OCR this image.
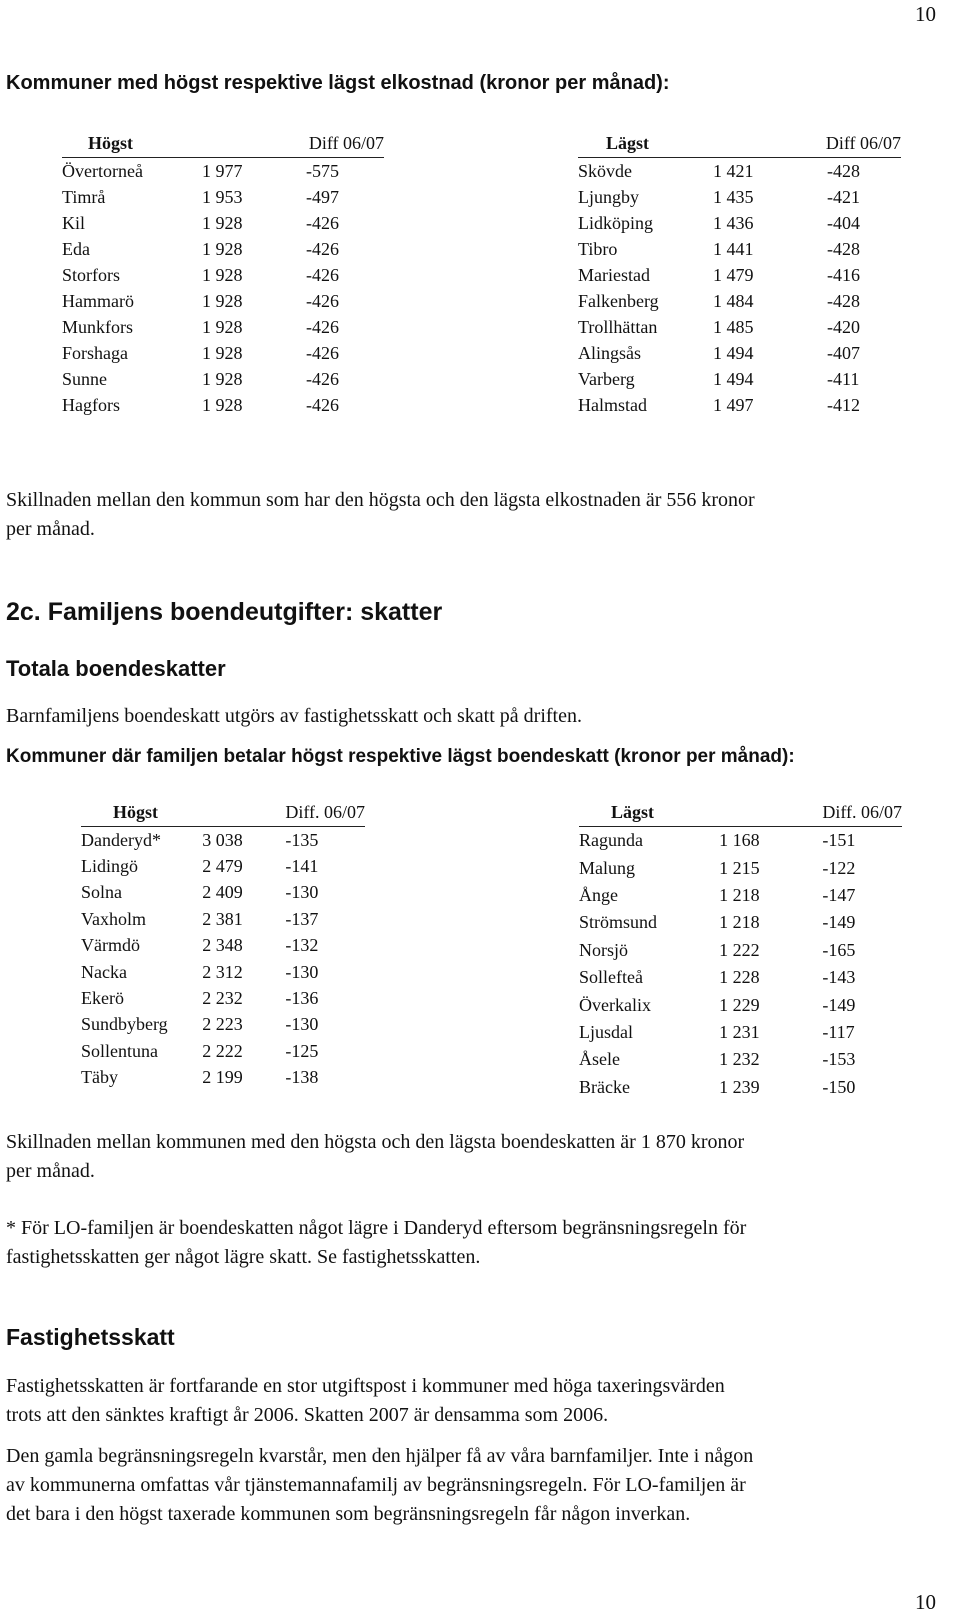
10
Kommuner med högst respektive lägst elkostnad (kronor per månad):
Högst		Diff 06/07
Övertorneå	1 977	-575
Timrå	1 953	-497
Kil	1 928	-426
Eda	1 928	-426
Storfors	1 928	-426
Hammarö	1 928	-426
Munkfors	1 928	-426
Forshaga	1 928	-426
Sunne	1 928	-426
Hagfors	1 928	-426
Lägst		Diff 06/07
Skövde	1 421	-428
Ljungby	1 435	-421
Lidköping	1 436	-404
Tibro	1 441	-428
Mariestad	1 479	-416
Falkenberg	1 484	-428
Trollhättan	1 485	-420
Alingsås	1 494	-407
Varberg	1 494	-411
Halmstad	1 497	-412
Skillnaden mellan den kommun som har den högsta och den lägsta elkostnaden är 556 kronor
per månad.
2c. Familjens boendeutgifter: skatter
Totala boendeskatter
Barnfamiljens boendeskatt utgörs av fastighetsskatt och skatt på driften.
Kommuner där familjen betalar högst respektive lägst boendeskatt (kronor per månad):
Högst		Diff. 06/07
Danderyd*	3 038	-135
Lidingö	2 479	-141
Solna	2 409	-130
Vaxholm	2 381	-137
Värmdö	2 348	-132
Nacka	2 312	-130
Ekerö	2 232	-136
Sundbyberg	2 223	-130
Sollentuna	2 222	-125
Täby	2 199	-138
Lägst		Diff. 06/07
Ragunda	1 168	-151
Malung	1 215	-122
Ånge	1 218	-147
Strömsund	1 218	-149
Norsjö	1 222	-165
Sollefteå	1 228	-143
Överkalix	1 229	-149
Ljusdal	1 231	-117
Åsele	1 232	-153
Bräcke	1 239	-150
Skillnaden mellan kommunen med den högsta och den lägsta boendeskatten är 1 870 kronor
per månad.
* För LO-familjen är boendeskatten något lägre i Danderyd eftersom begränsningsregeln för
fastighetsskatten ger något lägre skatt. Se fastighetsskatten.
Fastighetsskatt
Fastighetsskatten är fortfarande en stor utgiftspost i kommuner med höga taxeringsvärden
trots att den sänktes kraftigt år 2006. Skatten 2007 är densamma som 2006.
Den gamla begränsningsregeln kvarstår, men den hjälper få av våra barnfamiljer. Inte i någon
av kommunerna omfattas vår tjänstemannafamilj av begränsningsregeln. För LO-familjen är
det bara i den högst taxerade kommunen som begränsningsregeln får någon inverkan.
10
